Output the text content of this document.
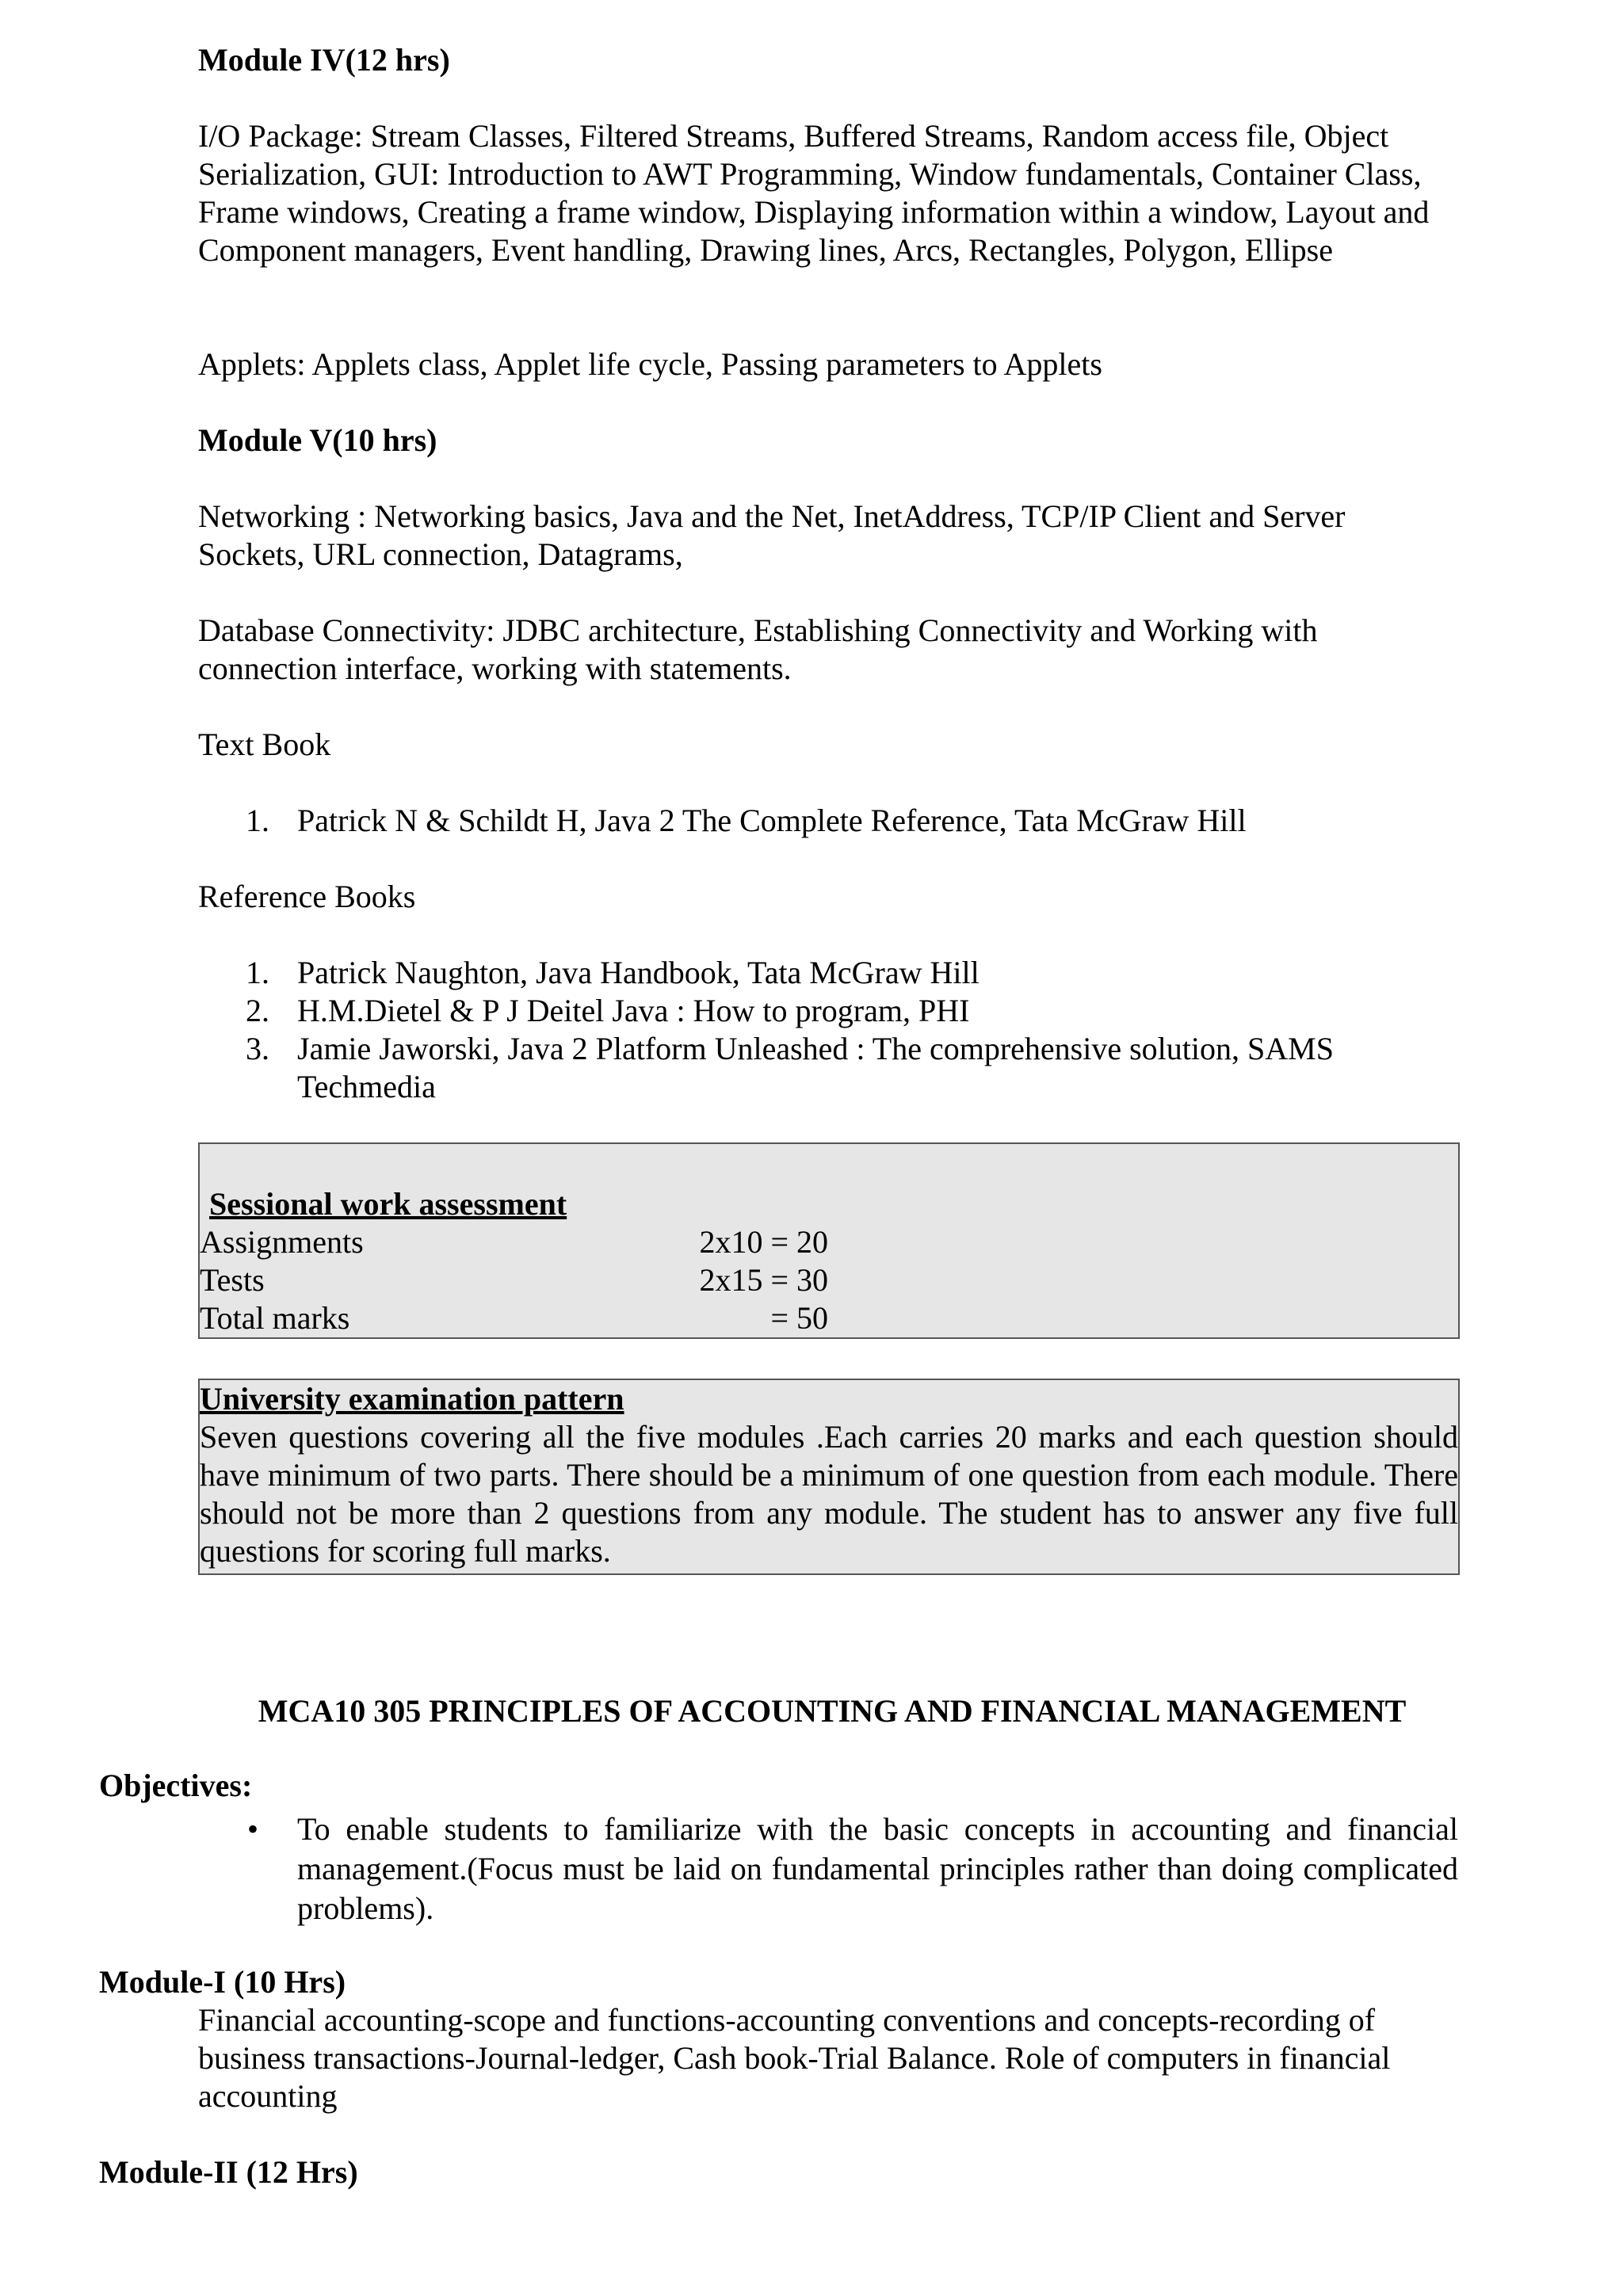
Module IV(12 hrs)

I/O Package: Stream Classes, Filtered Streams, Buffered Streams, Random access file, Object Serialization, GUI: Introduction to AWT Programming, Window fundamentals, Container Class, Frame windows, Creating a frame window, Displaying information within a window, Layout and Component managers, Event handling, Drawing lines, Arcs, Rectangles, Polygon, Ellipse

Applets: Applets class, Applet life cycle, Passing parameters to Applets

Module V(10 hrs)

Networking : Networking basics, Java and the Net, InetAddress, TCP/IP Client and Server Sockets, URL connection, Datagrams,

Database Connectivity: JDBC architecture, Establishing Connectivity and Working with connection interface, working with statements.

Text Book

1. Patrick N & Schildt H, Java 2 The Complete Reference, Tata McGraw Hill

Reference Books

1. Patrick Naughton, Java Handbook, Tata McGraw Hill
2. H.M.Dietel & P J Deitel Java : How to program, PHI
3. Jamie Jaworski, Java 2 Platform Unleashed : The comprehensive solution, SAMS Techmedia
Sessional work assessment
Assignments	2x10 = 20
Tests	2x15 = 30
Total marks	= 50
University examination pattern
Seven questions covering all the five modules .Each carries 20 marks and each question should have minimum of two parts. There should be a minimum of one question from each module. There should not be more than 2 questions from any module. The student has to answer any five full questions for scoring full marks.

MCA10 305 PRINCIPLES OF ACCOUNTING AND FINANCIAL MANAGEMENT

Objectives:

• To enable students to familiarize with the basic concepts in accounting and financial management.(Focus must be laid on fundamental principles rather than doing complicated problems).

Module-I (10 Hrs)

Financial accounting-scope and functions-accounting conventions and concepts-recording of business transactions-Journal-ledger, Cash book-Trial Balance. Role of computers in financial accounting

Module-II (12 Hrs)
